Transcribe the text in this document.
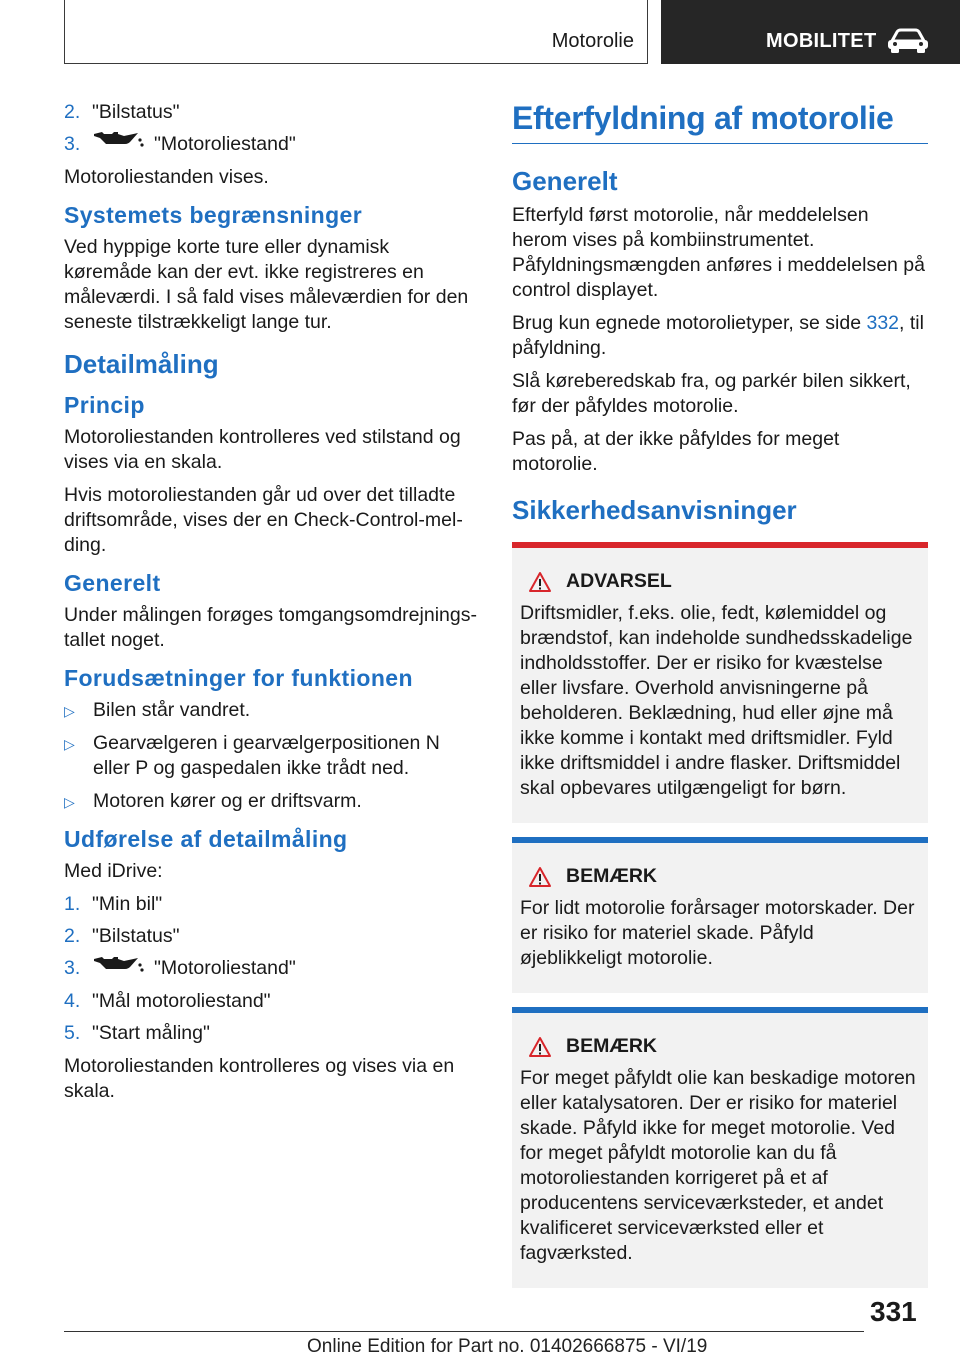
Motorolie	MOBILITET
2. "Bilstatus"
3.	"Motoroliestand"

Motoroliestanden vises.

Systemets begrænsninger

Ved hyppige korte ture eller dynamisk køremåde kan der evt. ikke registreres en måleværdi. I så fald vises måleværdien for den seneste tilstrækkeligt lange tur.

Detailmåling
Princip

Motoroliestanden kontrolleres ved stilstand og vises via en skala.

Hvis motoroliestanden går ud over det tilladte driftsområde, vises der en Check-Control-melding.

Generelt

Under målingen forøges tomgangsomdrejningstallet noget.

Forudsætninger for funktionen
▷ Bilen står vandret.
▷ Gearvælgeren i gearvælgerpositionen N eller P og gaspedalen ikke trådt ned.
▷ Motoren kører og er driftsvarm.
Udførelse af detailmåling

Med iDrive:

1. "Min bil"
2. "Bilstatus"
3.	"Motoroliestand"
4. "Mål motoroliestand"
5. "Start måling"

Motoroliestanden kontrolleres og vises via en skala.

Efterfyldning af motorolie
Generelt

Efterfyld først motorolie, når meddelelsen herom vises på kombiinstrumentet. Påfyldningsmængden anføres i meddelelsen på control displayet.

Brug kun egnede motorolietyper, se side 332, til påfyldning.

Slå køreberedskab fra, og parkér bilen sikkert, før der påfyldes motorolie.

Pas på, at der ikke påfyldes for meget motorolie.

Sikkerhedsanvisninger
ADVARSEL

Driftsmidler, f.eks. olie, fedt, kølemiddel og brændstof, kan indeholde sundhedsskadelige indholdsstoffer. Der er risiko for kvæstelse eller livsfare. Overhold anvisningerne på beholderen. Beklædning, hud eller øjne må ikke komme i kontakt med driftsmidler. Fyld ikke driftsmiddel i andre flasker. Driftsmiddel skal opbevares utilgængeligt for børn.

BEMÆRK

For lidt motorolie forårsager motorskader. Der er risiko for materiel skade. Påfyld øjeblikkeligt motorolie.

BEMÆRK

For meget påfyldt olie kan beskadige motoren eller katalysatoren. Der er risiko for materiel skade. Påfyld ikke for meget motorolie. Ved for meget påfyldt motorolie kan du få motoroliestanden korrigeret på et af producentens serviceværksteder, et andet kvalificeret serviceværksted eller et fagværksted.

331
Online Edition for Part no. 01402666875 - VI/19
